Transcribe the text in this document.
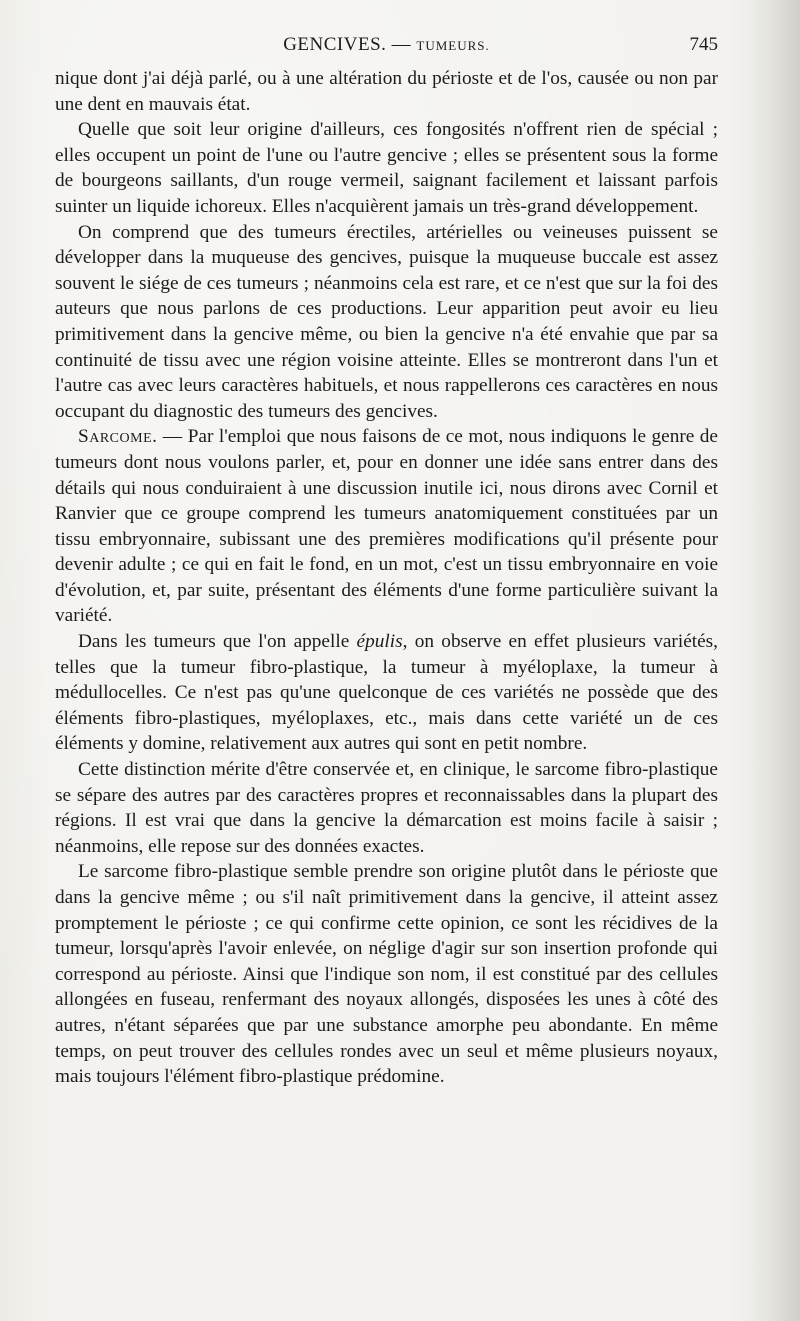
GENCIVES. — TUMEURS.	745

nique dont j'ai déjà parlé, ou à une altération du périoste et de l'os, causée ou non par une dent en mauvais état.

Quelle que soit leur origine d'ailleurs, ces fongosités n'offrent rien de spécial ; elles occupent un point de l'une ou l'autre gencive ; elles se présentent sous la forme de bourgeons saillants, d'un rouge vermeil, saignant facilement et laissant parfois suinter un liquide ichoreux. Elles n'acquièrent jamais un très-grand développement.

On comprend que des tumeurs érectiles, artérielles ou veineuses puissent se développer dans la muqueuse des gencives, puisque la muqueuse buccale est assez souvent le siége de ces tumeurs ; néanmoins cela est rare, et ce n'est que sur la foi des auteurs que nous parlons de ces productions. Leur apparition peut avoir eu lieu primitivement dans la gencive même, ou bien la gencive n'a été envahie que par sa continuité de tissu avec une région voisine atteinte. Elles se montreront dans l'un et l'autre cas avec leurs caractères habituels, et nous rappellerons ces caractères en nous occupant du diagnostic des tumeurs des gencives.

Sarcome. — Par l'emploi que nous faisons de ce mot, nous indiquons le genre de tumeurs dont nous voulons parler, et, pour en donner une idée sans entrer dans des détails qui nous conduiraient à une discussion inutile ici, nous dirons avec Cornil et Ranvier que ce groupe comprend les tumeurs anatomiquement constituées par un tissu embryonnaire, subissant une des premières modifications qu'il présente pour devenir adulte ; ce qui en fait le fond, en un mot, c'est un tissu embryonnaire en voie d'évolution, et, par suite, présentant des éléments d'une forme particulière suivant la variété.

Dans les tumeurs que l'on appelle épulis, on observe en effet plusieurs variétés, telles que la tumeur fibro-plastique, la tumeur à myéloplaxe, la tumeur à médullocelles. Ce n'est pas qu'une quelconque de ces variétés ne possède que des éléments fibro-plastiques, myéloplaxes, etc., mais dans cette variété un de ces éléments y domine, relativement aux autres qui sont en petit nombre.

Cette distinction mérite d'être conservée et, en clinique, le sarcome fibro-plastique se sépare des autres par des caractères propres et reconnaissables dans la plupart des régions. Il est vrai que dans la gencive la démarcation est moins facile à saisir ; néanmoins, elle repose sur des données exactes.

Le sarcome fibro-plastique semble prendre son origine plutôt dans le périoste que dans la gencive même ; ou s'il naît primitivement dans la gencive, il atteint assez promptement le périoste ; ce qui confirme cette opinion, ce sont les récidives de la tumeur, lorsqu'après l'avoir enlevée, on néglige d'agir sur son insertion profonde qui correspond au périoste. Ainsi que l'indique son nom, il est constitué par des cellules allongées en fuseau, renfermant des noyaux allongés, disposées les unes à côté des autres, n'étant séparées que par une substance amorphe peu abondante. En même temps, on peut trouver des cellules rondes avec un seul et même plusieurs noyaux, mais toujours l'élément fibro-plastique prédomine.
